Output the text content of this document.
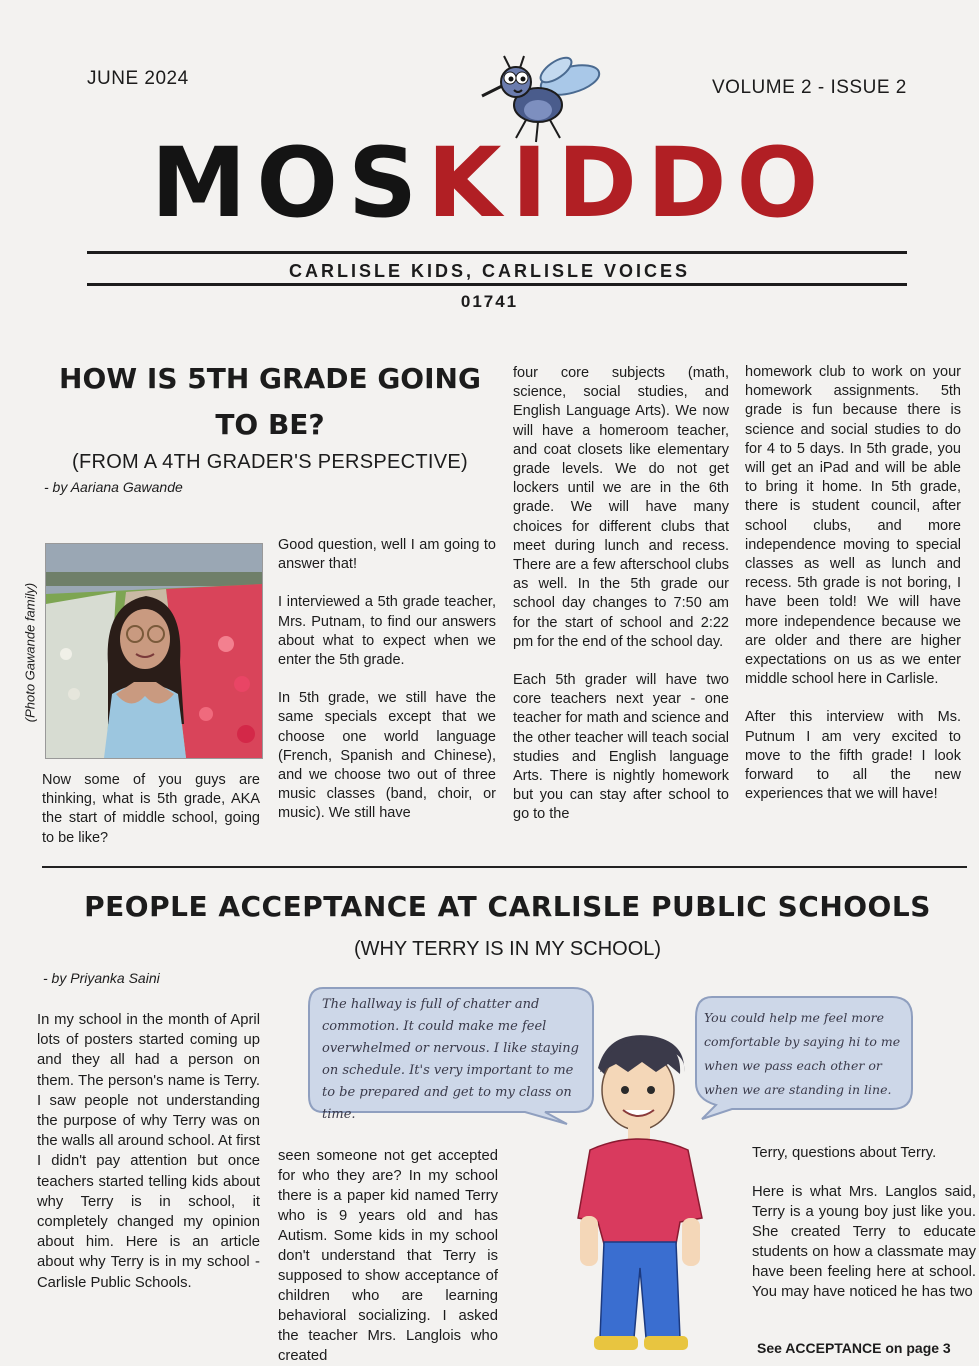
JUNE 2024	VOLUME 2 - ISSUE 2
MOSKIDDO
CARLISLE KIDS, CARLISLE VOICES
01741
HOW IS 5TH GRADE GOING TO BE?
(FROM A 4TH GRADER'S PERSPECTIVE)
- by Aariana Gawande
(Photo Gawande family)

Now some of you guys are thinking, what is 5th grade, AKA the start of middle school, going to be like?

Good question, well I am going to answer that!

I interviewed a 5th grade teacher, Mrs. Putnam, to find our answers about what to expect when we enter the 5th grade.

In 5th grade, we still have the same specials except that we choose one world language (French, Spanish and Chinese), and we choose two out of three music classes (band, choir, or music). We still have

four core subjects (math, science, social studies, and English Language Arts). We now will have a homeroom teacher, and coat closets like elementary grade levels. We do not get lockers until we are in the 6th grade. We will have many choices for different clubs that meet during lunch and recess. There are a few afterschool clubs as well. In the 5th grade our school day changes to 7:50 am for the start of school and 2:22 pm for the end of the school day.

Each 5th grader will have two core teachers next year - one teacher for math and science and the other teacher will teach social studies and English language Arts. There is nightly homework but you can stay after school to go to the

homework club to work on your homework assignments. 5th grade is fun because there is science and social studies to do for 4 to 5 days. In 5th grade, you will get an iPad and will be able to bring it home. In 5th grade, there is student council, after school clubs, and more independence moving to special classes as well as lunch and recess. 5th grade is not boring, I have been told! We will have more independence because we are older and there are higher expectations on us as we enter middle school here in Carlisle.

After this interview with Ms. Putnum I am very excited to move to the fifth grade! I look forward to all the new experiences that we will have!

PEOPLE ACCEPTANCE AT CARLISLE PUBLIC SCHOOLS
(WHY TERRY IS IN MY SCHOOL)
- by Priyanka Saini
In my school in the month of April lots of posters started coming up and they all had a person on them. The person's name is Terry. I saw people not understanding the purpose of why Terry was on the walls all around school. At first I didn't pay attention but once teachers started telling kids about why Terry is in school, it completely changed my opinion about him. Here is an article about why Terry is in my school - Carlisle Public Schools.
seen someone not get accepted for who they are? In my school there is a paper kid named Terry who is 9 years old and has Autism. Some kids in my school don't understand that Terry is supposed to show acceptance of children who are learning behavioral socializing. I asked the teacher Mrs. Langlois who created
The hallway is full of chatter and commotion. It could make me feel overwhelmed or nervous. I like staying on schedule. It's very important to me to be prepared and get to my class on time.
You could help me feel more comfortable by saying hi to me when we pass each other or when we are standing in line.

Terry, questions about Terry.

Here is what Mrs. Langlos said, Terry is a young boy just like you. She created Terry to educate students on how a classmate may have been feeling here at school. You may have noticed he has two

See ACCEPTANCE on page 3
